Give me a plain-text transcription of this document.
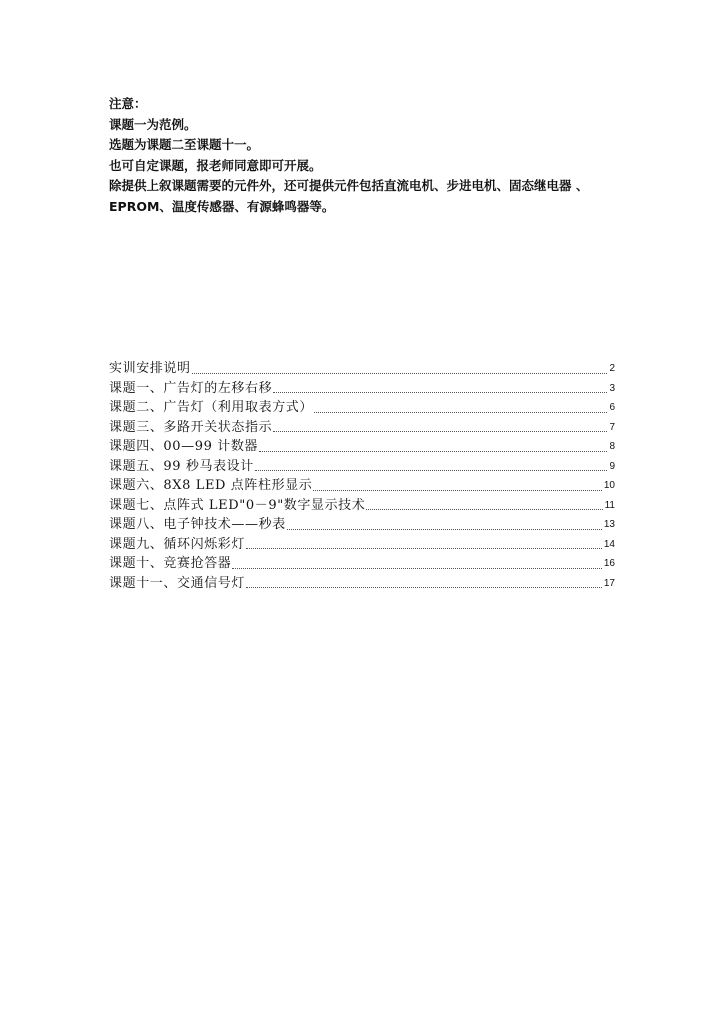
注意：
课题一为范例。
选题为课题二至课题十一。
也可自定课题，报老师同意即可开展。
除提供上叙课题需要的元件外，还可提供元件包括直流电机、步进电机、固态继电器 、
EPROM、温度传感器、有源蜂鸣器等。
实训安排说明	2
课题一、广告灯的左移右移	3
课题二、广告灯（利用取表方式）	6
课题三、多路开关状态指示	7
课题四、00—99 计数器	8
课题五、99 秒马表设计	9
课题六、8X8 LED 点阵柱形显示	10
课题七、点阵式 LED"0－9"数字显示技术	11
课题八、电子钟技术——秒表	13
课题九、循环闪烁彩灯	14
课题十、竞赛抢答器	16
课题十一、交通信号灯	17
